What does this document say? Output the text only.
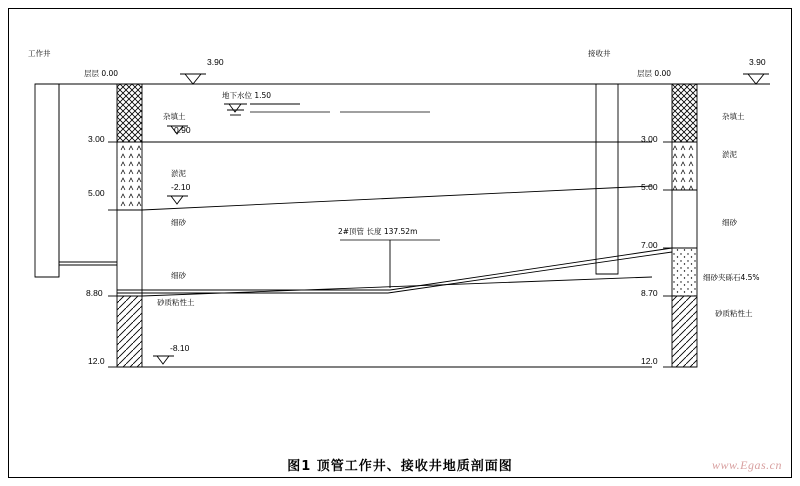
工作井
层层 0.00
3.00
5.00
8.80
12.0
杂填土
0.90
淤泥
-2.10
细砂
细砂
砂质粘性土
-8.10
3.90
地下水位 1.50
2#顶管 长度 137.52m
接收井
层层 0.00
3.00
5.00
7.00
8.70
12.0
杂填土
淤泥
细砂
细砂夹砾石4.5%
砂质粘性土
3.90
图1 顶管工作井、接收井地质剖面图	www.Egas.cn
